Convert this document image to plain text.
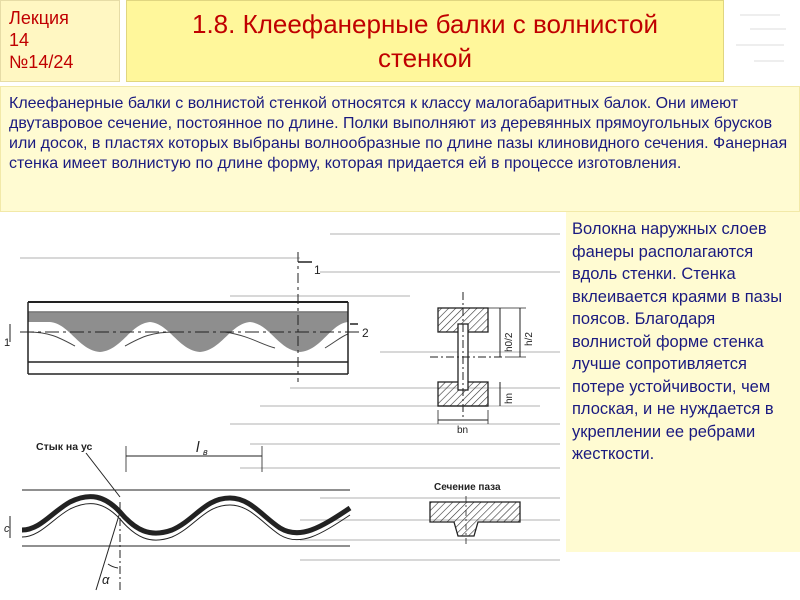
Лекция
14
№14/24
1.8. Клеефанерные балки с волнистой стенкой
Клеефанерные балки с волнистой стенкой относятся к классу малогабаритных балок. Они имеют двутавровое сечение, постоянное по длине. Полки выполняют из деревянных прямоугольных брусков или досок, в пластях которых выбраны волнообразные по длине пазы клиновидного сечения. Фанерная стенка имеет волнистую по длине форму, которая придается ей в процессе изготовления.
1
2
1	h0/2 h/2
hn
bn
Стык на ус	l в
α
c
Сечение паза
Волокна наружных слоев фанеры располагаются вдоль стенки. Стенка вклеивается краями в пазы поясов. Благодаря волнистой форме стенка лучше сопротивляется потере устойчивости, чем плоская, и не нуждается в укреплении ее ребрами жесткости.
